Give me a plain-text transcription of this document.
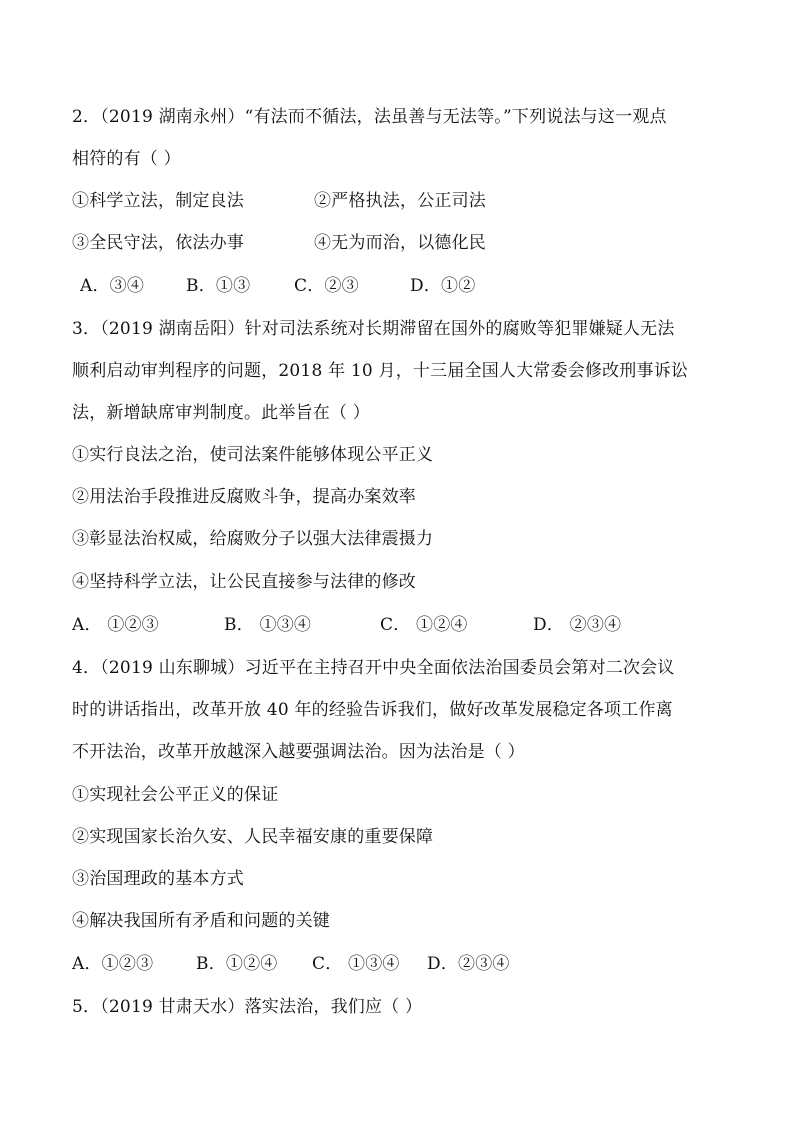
2．（2019 湖南永州）“有法而不循法，法虽善与无法等。”下列说法与这一观点
相符的有（ ）
①科学立法，制定良法	②严格执法，公正司法
③全民守法，依法办事	④无为而治，以德化民
A．③④ B．①③	C．②③	D．①②
3．（2019 湖南岳阳）针对司法系统对长期滞留在国外的腐败等犯罪嫌疑人无法
顺利启动审判程序的问题，2018 年 10 月，十三届全国人大常委会修改刑事诉讼
法，新增缺席审判制度。此举旨在（ ）
①实行良法之治，使司法案件能够体现公平正义
②用法治手段推进反腐败斗争，提高办案效率
③彰显法治权威，给腐败分子以强大法律震摄力
④坚持科学立法，让公民直接参与法律的修改
A． ①②③	B． ①③④	C． ①②④	D． ②③④
4．（2019 山东聊城）习近平在主持召开中央全面依法治国委员会第对二次会议
时的讲话指出，改革开放 40 年的经验告诉我们，做好改革发展稳定各项工作离
不开法治，改革开放越深入越要强调法治。因为法治是（ ）
①实现社会公平正义的保证
②实现国家长治久安、人民幸福安康的重要保障
③治国理政的基本方式
④解决我国所有矛盾和问题的关键
A．①②③	B．①②④ C． ①③④ D．②③④
5．（2019 甘肃天水）落实法治，我们应（ ）
